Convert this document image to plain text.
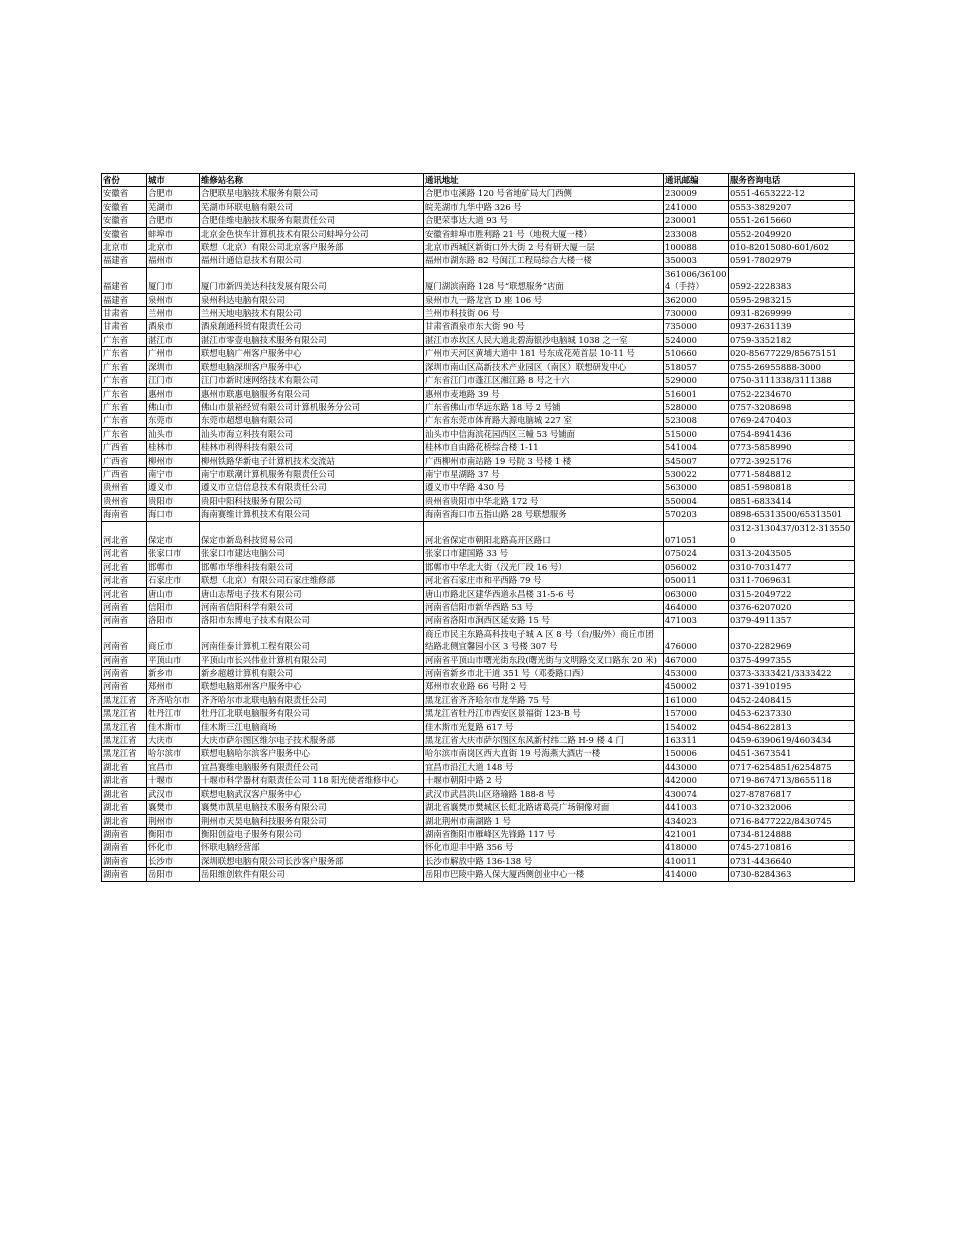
省份	城市	维修站名称	通讯地址	通讯邮编	服务咨询电话
安徽省	合肥市	合肥联星电脑技术服务有限公司	合肥市屯溪路 120 号省地矿局大门西侧	230009	0551-4653222-12
安徽省	芜湖市	芜湖市环联电脑有限公司	皖芜湖市九华中路 326 号	241000	0553-3829207
安徽省	合肥市	合肥佳维电脑技术服务有限责任公司	合肥荣事达大道 93 号	230001	0551-2615660
安徽省	蚌埠市	北京金色快车计算机技术有限公司蚌埠分公司	安徽省蚌埠市胜利路 21 号（地税大厦一楼）	233008	0552-2049920
北京市	北京市	联想（北京）有限公司北京客户服务部	北京市西城区新街口外大街 2 号有研大厦一层	100088	010-82015080-601/602
福建省	福州市	福州计通信息技术有限公司	福州市湖东路 82 号闽江工程局综合大楼一楼	350003	0591-7802979
福建省	厦门市	厦门市新四美达科技发展有限公司	厦门湖滨南路 128 号“联想服务”店面	361006/361004（手持）	0592-2228383
福建省	泉州市	泉州科达电脑有限公司	泉州市九一路龙宫 D 座 106 号	362000	0595-2983215
甘肃省	兰州市	兰州天地电脑技术有限公司	兰州市科技街 06 号	730000	0931-8269999
甘肃省	酒泉市	酒泉創通科贸有限责任公司	甘肃省酒泉市东大街 90 号	735000	0937-2631139
广东省	湛江市	湛江市零壹电脑技术服务有限公司	湛江市赤坎区人民大道北碧海银沙电脑城 1038 之一室	524000	0759-3352182
广东省	广州市	联想电脑广州客户服务中心	广州市天河区黄埔大道中 181 号东成花苑首层 10-11 号	510660	020-85677229/85675151
广东省	深圳市	联想电脑深圳客户服务中心	深圳市南山区高新技术产业园区（南区）联想研发中心	518057	0755-26955888-3000
广东省	江门市	江门市新时速网络技术有限公司	广东省江门市蓬江区湘江路 8 号之十六	529000	0750-3111338/3111388
广东省	惠州市	惠州市联惠电脑服务有限公司	惠州市麦地路 39 号	516001	0752-2234670
广东省	佛山市	佛山市景裕经贸有限公司计算机服务分公司	广东省佛山市华远东路 18 号 2 号铺	528000	0757-3208698
广东省	东莞市	东莞市超想电脑有限公司	广东省东莞市体育路大源电脑城 227 室	523008	0769-2470403
广东省	汕头市	汕头市海立科技有限公司	汕头市中信海滨花园西区三幢 53 号铺面	515000	0754-8941436
广西省	桂林市	桂林市利得科技有限公司	桂林市自由路花桥综合楼 1-11	541004	0773-5858990
广西省	柳州市	柳州铁路华新电子计算机技术交流站	广西柳州市南站路 19 号院 3 号楼 1 楼	545007	0772-3925176
广西省	南宁市	南宁市联潮计算机服务有限责任公司	南宁市星湖路 37 号	530022	0771-5848812
贵州省	遵义市	遵义市立信信息技术有限责任公司	遵义市中华路 430 号	563000	0851-5980818
贵州省	贵阳市	贵阳中阳科技服务有限公司	贵州省贵阳市中华北路 172 号	550004	0851-6833414
海南省	海口市	海南赛维计算机技术有限公司	海南省海口市五指山路 28 号联想服务	570203	0898-65313500/65313501
河北省	保定市	保定市新岛科技贸易公司	河北省保定市朝阳北路高开区路口	071051	0312-3130437/0312-3135500
河北省	张家口市	张家口市建达电脑公司	张家口市建国路 33 号	075024	0313-2043505
河北省	邯郸市	邯郸市华维科技有限公司	邯郸市中华北大街（汉光厂段 16 号）	056002	0310-7031477
河北省	石家庄市	联想（北京）有限公司石家庄维修部	河北省石家庄市和平西路 79 号	050011	0311-7069631
河北省	唐山市	唐山志帮电子技术有限公司	唐山市路北区建华西道永昌楼 31-5-6 号	063000	0315-2049722
河南省	信阳市	河南省信阳科学有限公司	河南省信阳市新华西路 53 号	464000	0376-6207020
河南省	洛阳市	洛阳市东博电子技术有限公司	河南省洛阳市涧西区延安路 15 号	471003	0379-4911357
河南省	商丘市	河南佳泰计算机工程有限公司	商丘市民主东路高科技电子城 A 区 8 号（台/服/外）商丘市团结路北侧宜馨园小区 3 号楼 307 号	476000	0370-2282969
河南省	平顶山市	平顶山市长兴伟业计算机有限公司	河南省平顶山市曙光街东段(曙光街与文明路交叉口路东 20 米)	467000	0375-4997355
河南省	新乡市	新乡超越计算机有限公司	河南省新乡市北干道 351 号（邓委路口西）	453000	0373-3333421/3333422
河南省	郑州市	联想电脑郑州客户服务中心	郑州市农业路 66 号附 2 号	450002	0371-3910195
黑龙江省	齐齐哈尔市	齐齐哈尔市北联电脑有限责任公司	黑龙江省齐齐哈尔市龙华路 75 号	161000	0452-2408415
黑龙江省	牡丹江市	牡丹江北联电脑服务有限公司	黑龙江省牡丹江市西安区景福街 123-B 号	157000	0453-6237330
黑龙江省	佳木斯市	佳木斯三江电脑商场	佳木斯市光复路 617 号	154002	0454-8622813
黑龙江省	大庆市	大庆市萨尔图区维尔电子技术服务部	黑龙江省大庆市萨尔图区东风新村纬二路 H-9 楼 4 门	163311	0459-6390619/4603434
黑龙江省	哈尔滨市	联想电脑哈尔滨客户服务中心	哈尔滨市南岗区西大直街 19 号海燕大酒店一楼	150006	0451-3673541
湖北省	宜昌市	宜昌赛维电脑服务有限责任公司	宜昌市沿江大道 148 号	443000	0717-6254851/6254875
湖北省	十堰市	十堰市科学器材有限责任公司 118 阳光使者维修中心	十堰市朝阳中路 2 号	442000	0719-8674713/8655118
湖北省	武汉市	联想电脑武汉客户服务中心	武汉市武昌洪山区珞瑜路 188-8 号	430074	027-87876817
湖北省	襄樊市	襄樊市凯星电脑技术服务有限公司	湖北省襄樊市樊城区长虹北路诸葛亮广场铜像对面	441003	0710-3232006
湖北省	荆州市	荆州市天昊电脑科技服务有限公司	湖北荆州市南湖路 1 号	434023	0716-8477222/8430745
湖南省	衡阳市	衡阳创益电子服务有限公司	湖南省衡阳市雁峰区先锋路 117 号	421001	0734-8124888
湖南省	怀化市	怀联电脑经营部	怀化市迎丰中路 356 号	418000	0745-2710816
湖南省	长沙市	深圳联想电脑有限公司长沙客户服务部	长沙市解放中路 136-138 号	410011	0731-4436640
湖南省	岳阳市	岳阳维创软件有限公司	岳阳市巴陵中路人保大厦西侧创业中心一楼	414000	0730-8284363
